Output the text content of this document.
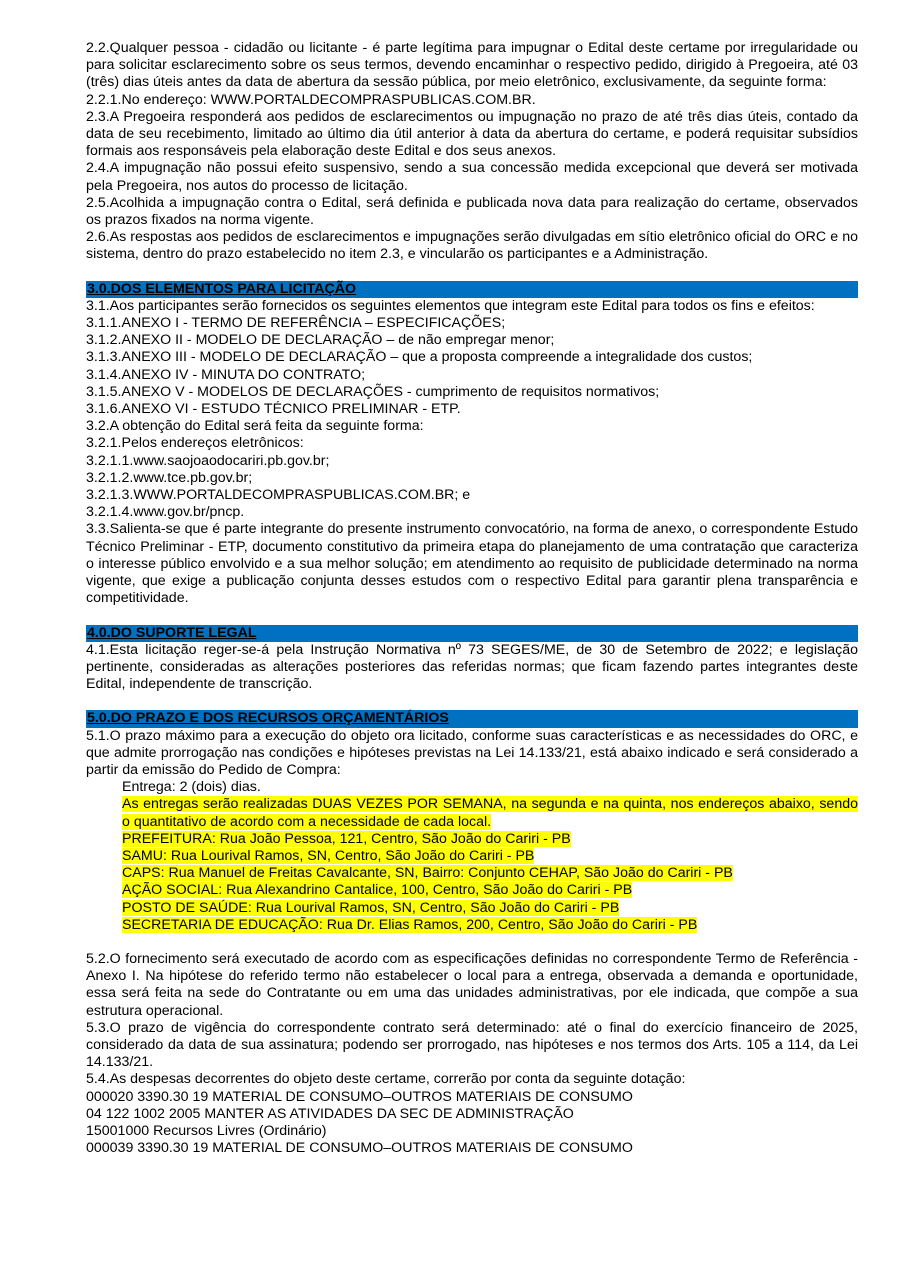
2.2.Qualquer pessoa - cidadão ou licitante - é parte legítima para impugnar o Edital deste certame por irregularidade ou para solicitar esclarecimento sobre os seus termos, devendo encaminhar o respectivo pedido, dirigido à Pregoeira, até 03 (três) dias úteis antes da data de abertura da sessão pública, por meio eletrônico, exclusivamente, da seguinte forma:

2.2.1.No endereço: WWW.PORTALDECOMPRASPUBLICAS.COM.BR.

2.3.A Pregoeira responderá aos pedidos de esclarecimentos ou impugnação no prazo de até três dias úteis, contado da data de seu recebimento, limitado ao último dia útil anterior à data da abertura do certame, e poderá requisitar subsídios formais aos responsáveis pela elaboração deste Edital e dos seus anexos.

2.4.A impugnação não possui efeito suspensivo, sendo a sua concessão medida excepcional que deverá ser motivada pela Pregoeira, nos autos do processo de licitação.

2.5.Acolhida a impugnação contra o Edital, será definida e publicada nova data para realização do certame, observados os prazos fixados na norma vigente.

2.6.As respostas aos pedidos de esclarecimentos e impugnações serão divulgadas em sítio eletrônico oficial do ORC e no sistema, dentro do prazo estabelecido no item 2.3, e vincularão os participantes e a Administração.

3.0.DOS ELEMENTOS PARA LICITAÇÃO

3.1.Aos participantes serão fornecidos os seguintes elementos que integram este Edital para todos os fins e efeitos:

3.1.1.ANEXO I - TERMO DE REFERÊNCIA – ESPECIFICAÇÕES;

3.1.2.ANEXO II - MODELO DE DECLARAÇÃO – de não empregar menor;

3.1.3.ANEXO III - MODELO DE DECLARAÇÃO – que a proposta compreende a integralidade dos custos;

3.1.4.ANEXO IV - MINUTA DO CONTRATO;

3.1.5.ANEXO V - MODELOS DE DECLARAÇÕES - cumprimento de requisitos normativos;

3.1.6.ANEXO VI - ESTUDO TÉCNICO PRELIMINAR - ETP.

3.2.A obtenção do Edital será feita da seguinte forma:

3.2.1.Pelos endereços eletrônicos:

3.2.1.1.www.saojoaodocariri.pb.gov.br;

3.2.1.2.www.tce.pb.gov.br;

3.2.1.3.WWW.PORTALDECOMPRASPUBLICAS.COM.BR; e

3.2.1.4.www.gov.br/pncp.

3.3.Salienta-se que é parte integrante do presente instrumento convocatório, na forma de anexo, o correspondente Estudo Técnico Preliminar - ETP, documento constitutivo da primeira etapa do planejamento de uma contratação que caracteriza o interesse público envolvido e a sua melhor solução; em atendimento ao requisito de publicidade determinado na norma vigente, que exige a publicação conjunta desses estudos com o respectivo Edital para garantir plena transparência e competitividade.

4.0.DO SUPORTE LEGAL

4.1.Esta licitação reger-se-á pela Instrução Normativa nº 73 SEGES/ME, de 30 de Setembro de 2022; e legislação pertinente, consideradas as alterações posteriores das referidas normas; que ficam fazendo partes integrantes deste Edital, independente de transcrição.

5.0.DO PRAZO E DOS RECURSOS ORÇAMENTÁRIOS

5.1.O prazo máximo para a execução do objeto ora licitado, conforme suas características e as necessidades do ORC, e que admite prorrogação nas condições e hipóteses previstas na Lei 14.133/21, está abaixo indicado e será considerado a partir da emissão do Pedido de Compra:

Entrega: 2 (dois) dias.

As entregas serão realizadas DUAS VEZES POR SEMANA, na segunda e na quinta, nos endereços abaixo, sendo o quantitativo de acordo com a necessidade de cada local.

PREFEITURA: Rua João Pessoa, 121, Centro, São João do Cariri - PB

SAMU: Rua Lourival Ramos, SN, Centro, São João do Cariri - PB

CAPS: Rua Manuel de Freitas Cavalcante, SN, Bairro: Conjunto CEHAP, São João do Cariri - PB

AÇÃO SOCIAL: Rua Alexandrino Cantalice, 100, Centro, São João do Cariri - PB

POSTO DE SAÚDE: Rua Lourival Ramos, SN, Centro, São João do Cariri - PB

SECRETARIA DE EDUCAÇÃO: Rua Dr. Elias Ramos, 200, Centro, São João do Cariri - PB

5.2.O fornecimento será executado de acordo com as especificações definidas no correspondente Termo de Referência - Anexo I. Na hipótese do referido termo não estabelecer o local para a entrega, observada a demanda e oportunidade, essa será feita na sede do Contratante ou em uma das unidades administrativas, por ele indicada, que compõe a sua estrutura operacional.

5.3.O prazo de vigência do correspondente contrato será determinado: até o final do exercício financeiro de 2025, considerado da data de sua assinatura; podendo ser prorrogado, nas hipóteses e nos termos dos Arts. 105 a 114, da Lei 14.133/21.

5.4.As despesas decorrentes do objeto deste certame, correrão por conta da seguinte dotação:

000020 3390.30 19 MATERIAL DE CONSUMO–OUTROS MATERIAIS DE CONSUMO

04 122 1002 2005 MANTER AS ATIVIDADES DA SEC DE ADMINISTRAÇÃO

15001000 Recursos Livres (Ordinário)

000039 3390.30 19 MATERIAL DE CONSUMO–OUTROS MATERIAIS DE CONSUMO
